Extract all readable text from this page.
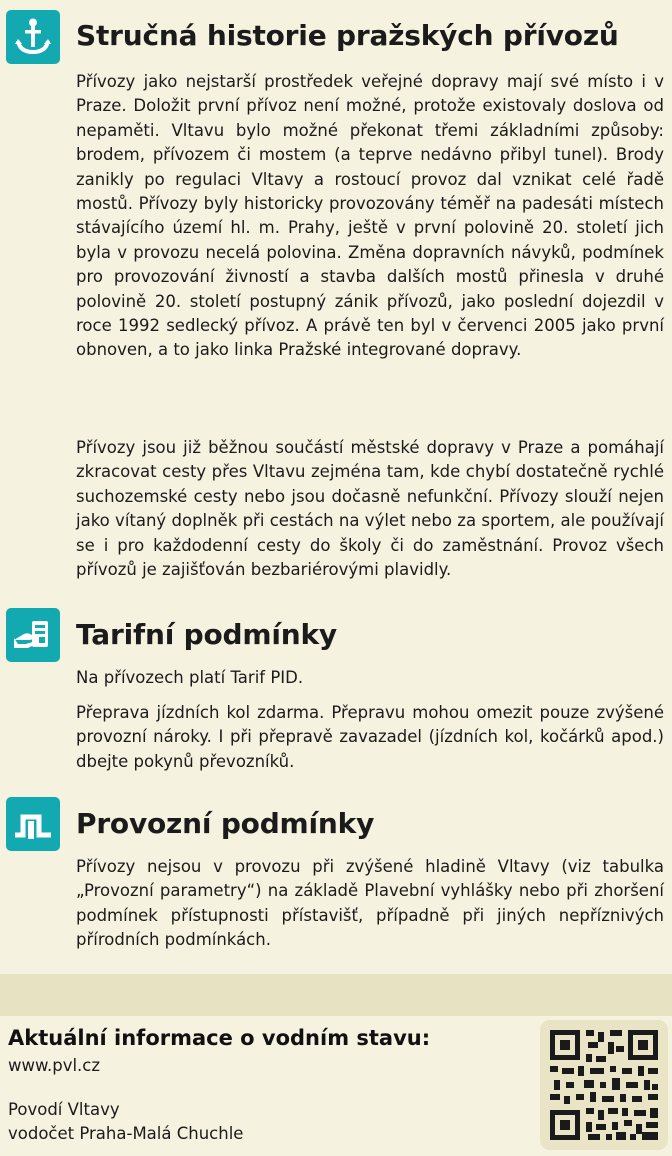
Stručná historie pražských přívozů
Přívozy jako nejstarší prostředek veřejné dopravy mají své místo i v Praze. Doložit první přívoz není možné, protože existovaly doslova od nepaměti. Vltavu bylo možné překonat třemi základními způsoby: brodem, přívozem či mostem (a teprve nedávno přibyl tunel). Brody zanikly po regulaci Vltavy a rostoucí provoz dal vznikat celé řadě mostů. Přívozy byly historicky provozovány téměř na padesáti místech stávajícího území hl. m. Prahy, ještě v první polovině 20. století jich byla v provozu necelá polovina. Změna dopravních návyků, podmínek pro provozování živností a stavba dalších mostů přinesla v druhé polovině 20. století postupný zánik přívozů, jako poslední dojezdil v roce 1992 sedlecký přívoz. A právě ten byl v červenci 2005 jako první obnoven, a to jako linka Pražské integrované dopravy.
Přívozy jsou již běžnou součástí městské dopravy v Praze a pomáhají zkracovat cesty přes Vltavu zejména tam, kde chybí dostatečně rychlé suchozemské cesty nebo jsou dočasně nefunkční. Přívozy slouží nejen jako vítaný doplněk při cestách na výlet nebo za sportem, ale používají se i pro každodenní cesty do školy či do zaměstnání. Provoz všech přívozů je zajišťován bezbariérovými plavidly.
Tarifní podmínky
Na přívozech platí Tarif PID.
Přeprava jízdních kol zdarma. Přepravu mohou omezit pouze zvýšené provozní nároky. I při přepravě zavazadel (jízdních kol, kočárků apod.) dbejte pokynů převozníků.
Provozní podmínky
Přívozy nejsou v provozu při zvýšené hladině Vltavy (viz tabulka „Provozní parametry“) na základě Plavební vyhlášky nebo při zhoršení podmínek přístupnosti přístavišť, případně při jiných nepříznivých přírodních podmínkách.
Aktuální informace o vodním stavu:
www.pvl.cz
Povodí Vltavy
vodočet Praha-Malá Chuchle
